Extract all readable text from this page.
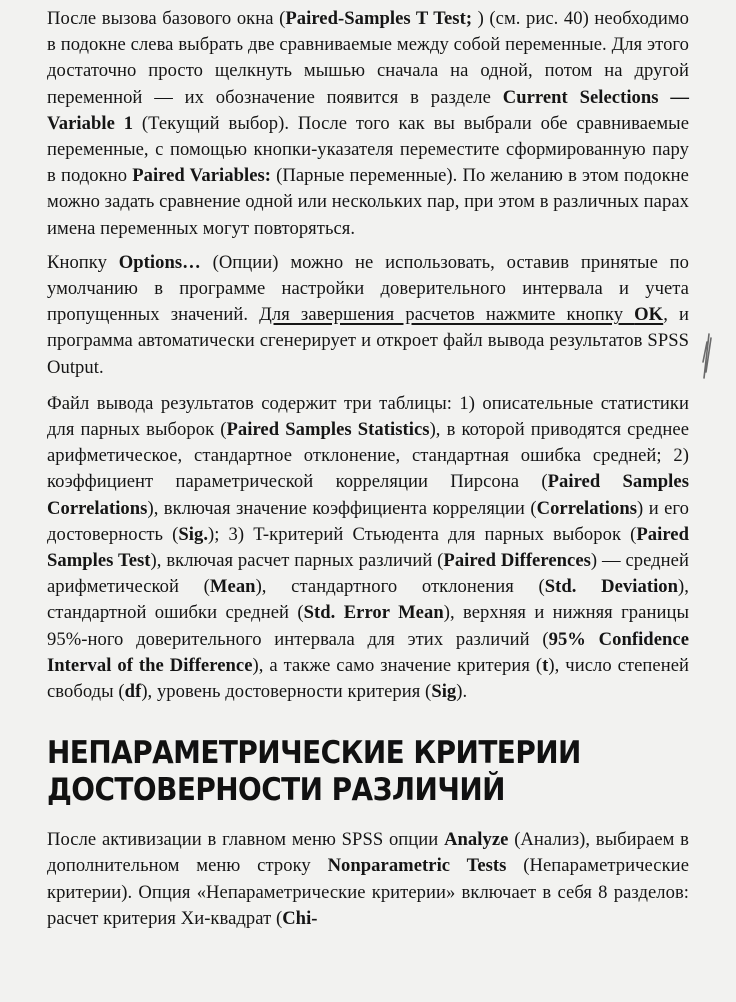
После вызова базового окна (Paired-Samples T Test; ) (см. рис. 40) необходимо в подокне слева выбрать две сравниваемые между собой переменные. Для этого достаточно просто щелкнуть мышью сначала на одной, потом на другой переменной — их обозначение появится в разделе Current Selections — Variable 1 (Текущий выбор). После того как вы выбрали обе сравниваемые переменные, с помощью кнопки-указателя переместите сформированную пару в подокно Paired Variables: (Парные переменные). По желанию в этом подокне можно задать сравнение одной или нескольких пар, при этом в различных парах имена переменных могут повторяться.

Кнопку Options… (Опции) можно не использовать, оставив принятые по умолчанию в программе настройки доверительного интервала и учета пропущенных значений. Для завершения расчетов нажмите кнопку OK, и программа автоматически сгенерирует и откроет файл вывода результатов SPSS Output.

Файл вывода результатов содержит три таблицы: 1) описательные статистики для парных выборок (Paired Samples Statistics), в которой приводятся среднее арифметическое, стандартное отклонение, стандартная ошибка средней; 2) коэффициент параметрической корреляции Пирсона (Paired Samples Correlations), включая значение коэффициента корреляции (Correlations) и его достоверность (Sig.); 3) T-критерий Стьюдента для парных выборок (Paired Samples Test), включая расчет парных различий (Paired Differences) — средней арифметической (Mean), стандартного отклонения (Std. Deviation), стандартной ошибки средней (Std. Error Mean), верхняя и нижняя границы 95%-ного доверительного интервала для этих различий (95% Confidence Interval of the Difference), а также само значение критерия (t), число степеней свободы (df), уровень достоверности критерия (Sig).

НЕПАРАМЕТРИЧЕСКИЕ КРИТЕРИИ
ДОСТОВЕРНОСТИ РАЗЛИЧИЙ

После активизации в главном меню SPSS опции Analyze (Анализ), выбираем в дополнительном меню строку Nonparametric Tests (Непараметрические критерии). Опция «Непараметрические критерии» включает в себя 8 разделов: расчет критерия Хи-квадрат (Chi-
